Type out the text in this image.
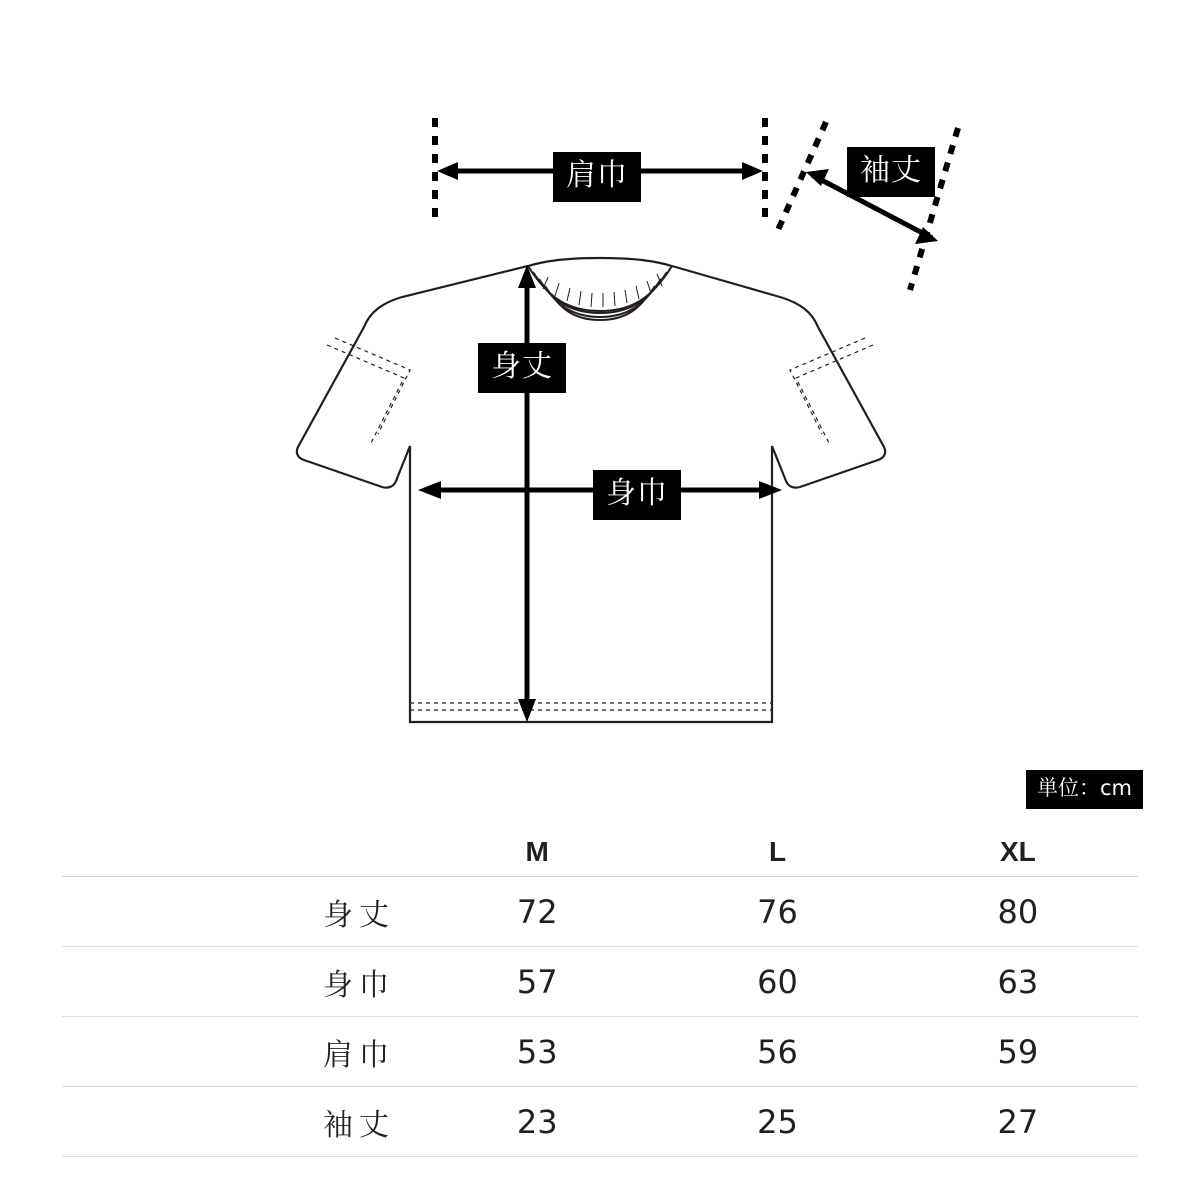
肩巾	袖丈
身丈
身巾
単位：cm
	M	L	XL
身丈	72	76	80
身巾	57	60	63
肩巾	53	56	59
袖丈	23	25	27
